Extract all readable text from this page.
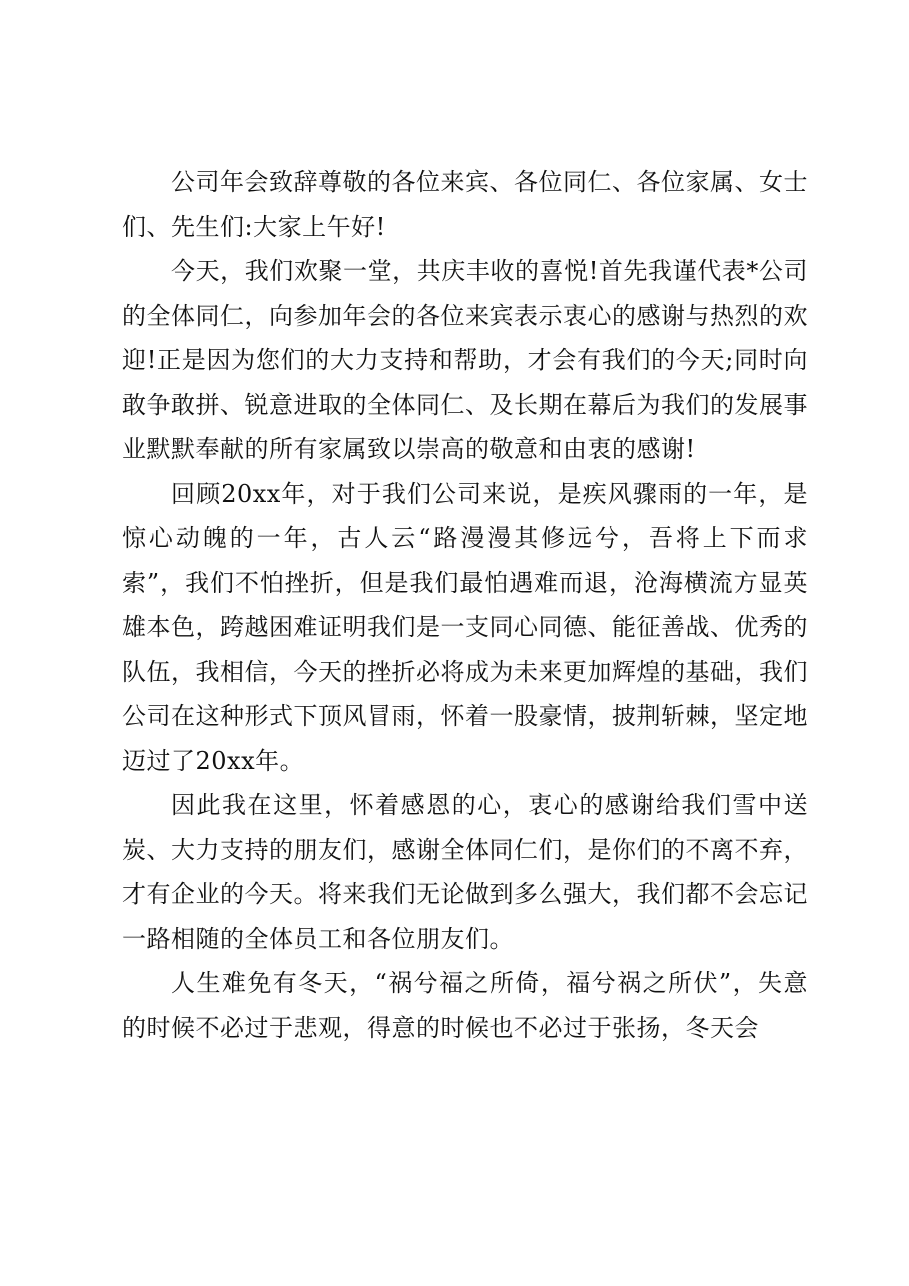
公司年会致辞尊敬的各位来宾、各位同仁、各位家属、女士们、先生们:大家上午好!

今天，我们欢聚一堂，共庆丰收的喜悦!首先我谨代表*公司的全体同仁，向参加年会的各位来宾表示衷心的感谢与热烈的欢迎!正是因为您们的大力支持和帮助，才会有我们的今天;同时向敢争敢拼、锐意进取的全体同仁、及长期在幕后为我们的发展事业默默奉献的所有家属致以崇高的敬意和由衷的感谢!

回顾20xx年，对于我们公司来说，是疾风骤雨的一年，是惊心动魄的一年，古人云“路漫漫其修远兮，吾将上下而求索”，我们不怕挫折，但是我们最怕遇难而退，沧海横流方显英雄本色，跨越困难证明我们是一支同心同德、能征善战、优秀的队伍，我相信，今天的挫折必将成为未来更加辉煌的基础，我们公司在这种形式下顶风冒雨，怀着一股豪情，披荆斩棘，坚定地迈过了20xx年。

因此我在这里，怀着感恩的心，衷心的感谢给我们雪中送炭、大力支持的朋友们，感谢全体同仁们，是你们的不离不弃，才有企业的今天。将来我们无论做到多么强大，我们都不会忘记一路相随的全体员工和各位朋友们。

人生难免有冬天，“祸兮福之所倚，福兮祸之所伏”，失意的时候不必过于悲观，得意的时候也不必过于张扬，冬天会
